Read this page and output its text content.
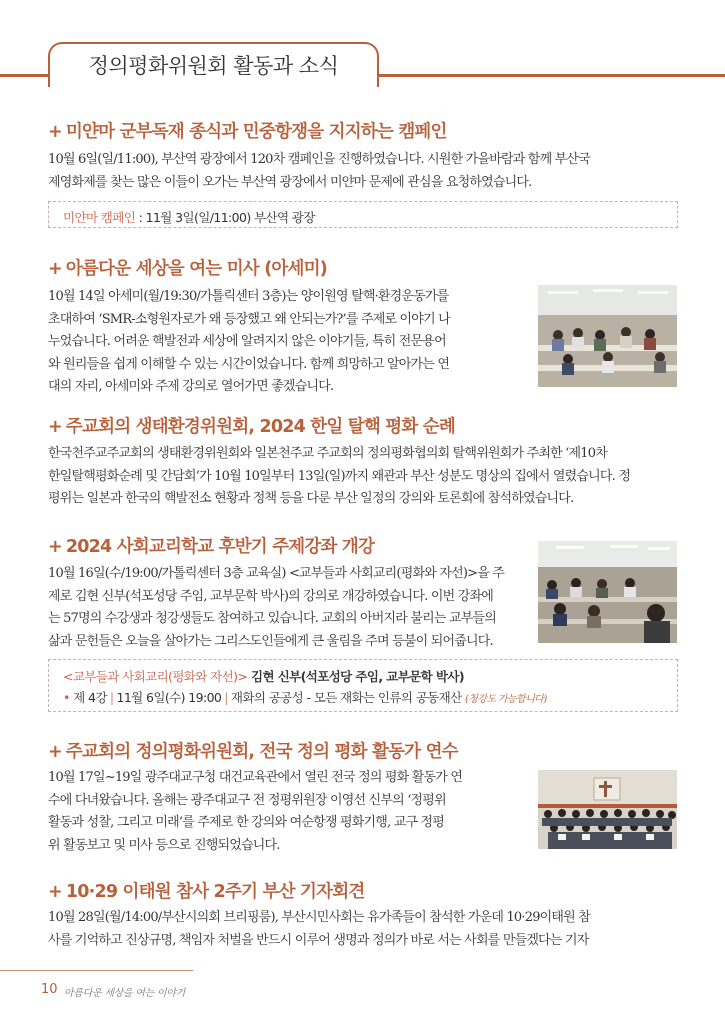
정의평화위원회 활동과 소식
+ 미얀마 군부독재 종식과 민중항쟁을 지지하는 캠페인
10월 6일(일/11:00), 부산역 광장에서 120차 캠페인을 진행하였습니다. 시원한 가을바람과 함께 부산국
제영화제를 찾는 많은 이들이 오가는 부산역 광장에서 미얀마 문제에 관심을 요청하였습니다.
미얀마 캠페인 : 11월 3일(일/11:00) 부산역 광장
+ 아름다운 세상을 여는 미사 (아세미)
10월 14일 아세미(월/19:30/가톨릭센터 3층)는 양이원영 탈핵·환경운동가를
초대하여 ‘SMR-소형원자로가 왜 등장했고 왜 안되는가?’를 주제로 이야기 나
누었습니다. 어려운 핵발전과 세상에 알려지지 않은 이야기들, 특히 전문용어
와 원리들을 쉽게 이해할 수 있는 시간이었습니다. 함께 희망하고 알아가는 연
대의 자리, 아세미와 주제 강의로 열어가면 좋겠습니다.
+ 주교회의 생태환경위원회, 2024 한일 탈핵 평화 순례
한국천주교주교회의 생태환경위원회와 일본천주교 주교회의 정의평화협의회 탈핵위원회가 주최한 ‘제10차
한일탈핵평화순례 및 간담회’가 10월 10일부터 13일(일)까지 왜관과 부산 성분도 명상의 집에서 열렸습니다. 정
평위는 일본과 한국의 핵발전소 현황과 정책 등을 다룬 부산 일정의 강의와 토론회에 참석하였습니다.
+ 2024 사회교리학교 후반기 주제강좌 개강
10월 16일(수/19:00/가톨릭센터 3층 교육실) <교부들과 사회교리(평화와 자선)>을 주
제로 김현 신부(석포성당 주임, 교부문학 박사)의 강의로 개강하였습니다. 이번 강좌에
는 57명의 수강생과 청강생들도 참여하고 있습니다. 교회의 아버지라 불리는 교부들의
삶과 문헌들은 오늘을 살아가는 그리스도인들에게 큰 울림을 주며 등불이 되어줍니다.
<교부들과 사회교리(평화와 자선)> 김현 신부(석포성당 주임, 교부문학 박사)
• 제 4강 | 11월 6일(수) 19:00 | 재화의 공공성 - 모든 재화는 인류의 공동재산 (청강도 가능합니다)
+ 주교회의 정의평화위원회, 전국 정의 평화 활동가 연수
10월 17일~19일 광주대교구청 대건교육관에서 열린 전국 정의 평화 활동가 연
수에 다녀왔습니다. 올해는 광주대교구 전 정평위원장 이영선 신부의 ‘정평위
활동과 성찰, 그리고 미래’를 주제로 한 강의와 여순항쟁 평화기행, 교구 정평
위 활동보고 및 미사 등으로 진행되었습니다.
+ 10·29 이태원 참사 2주기 부산 기자회견
10월 28일(월/14:00/부산시의회 브리핑룸), 부산시민사회는 유가족들이 참석한 가운데 10·29이태원 참
사를 기억하고 진상규명, 책임자 처벌을 반드시 이루어 생명과 정의가 바로 서는 사회를 만들겠다는 기자
10 아름다운 세상을 여는 이야기
